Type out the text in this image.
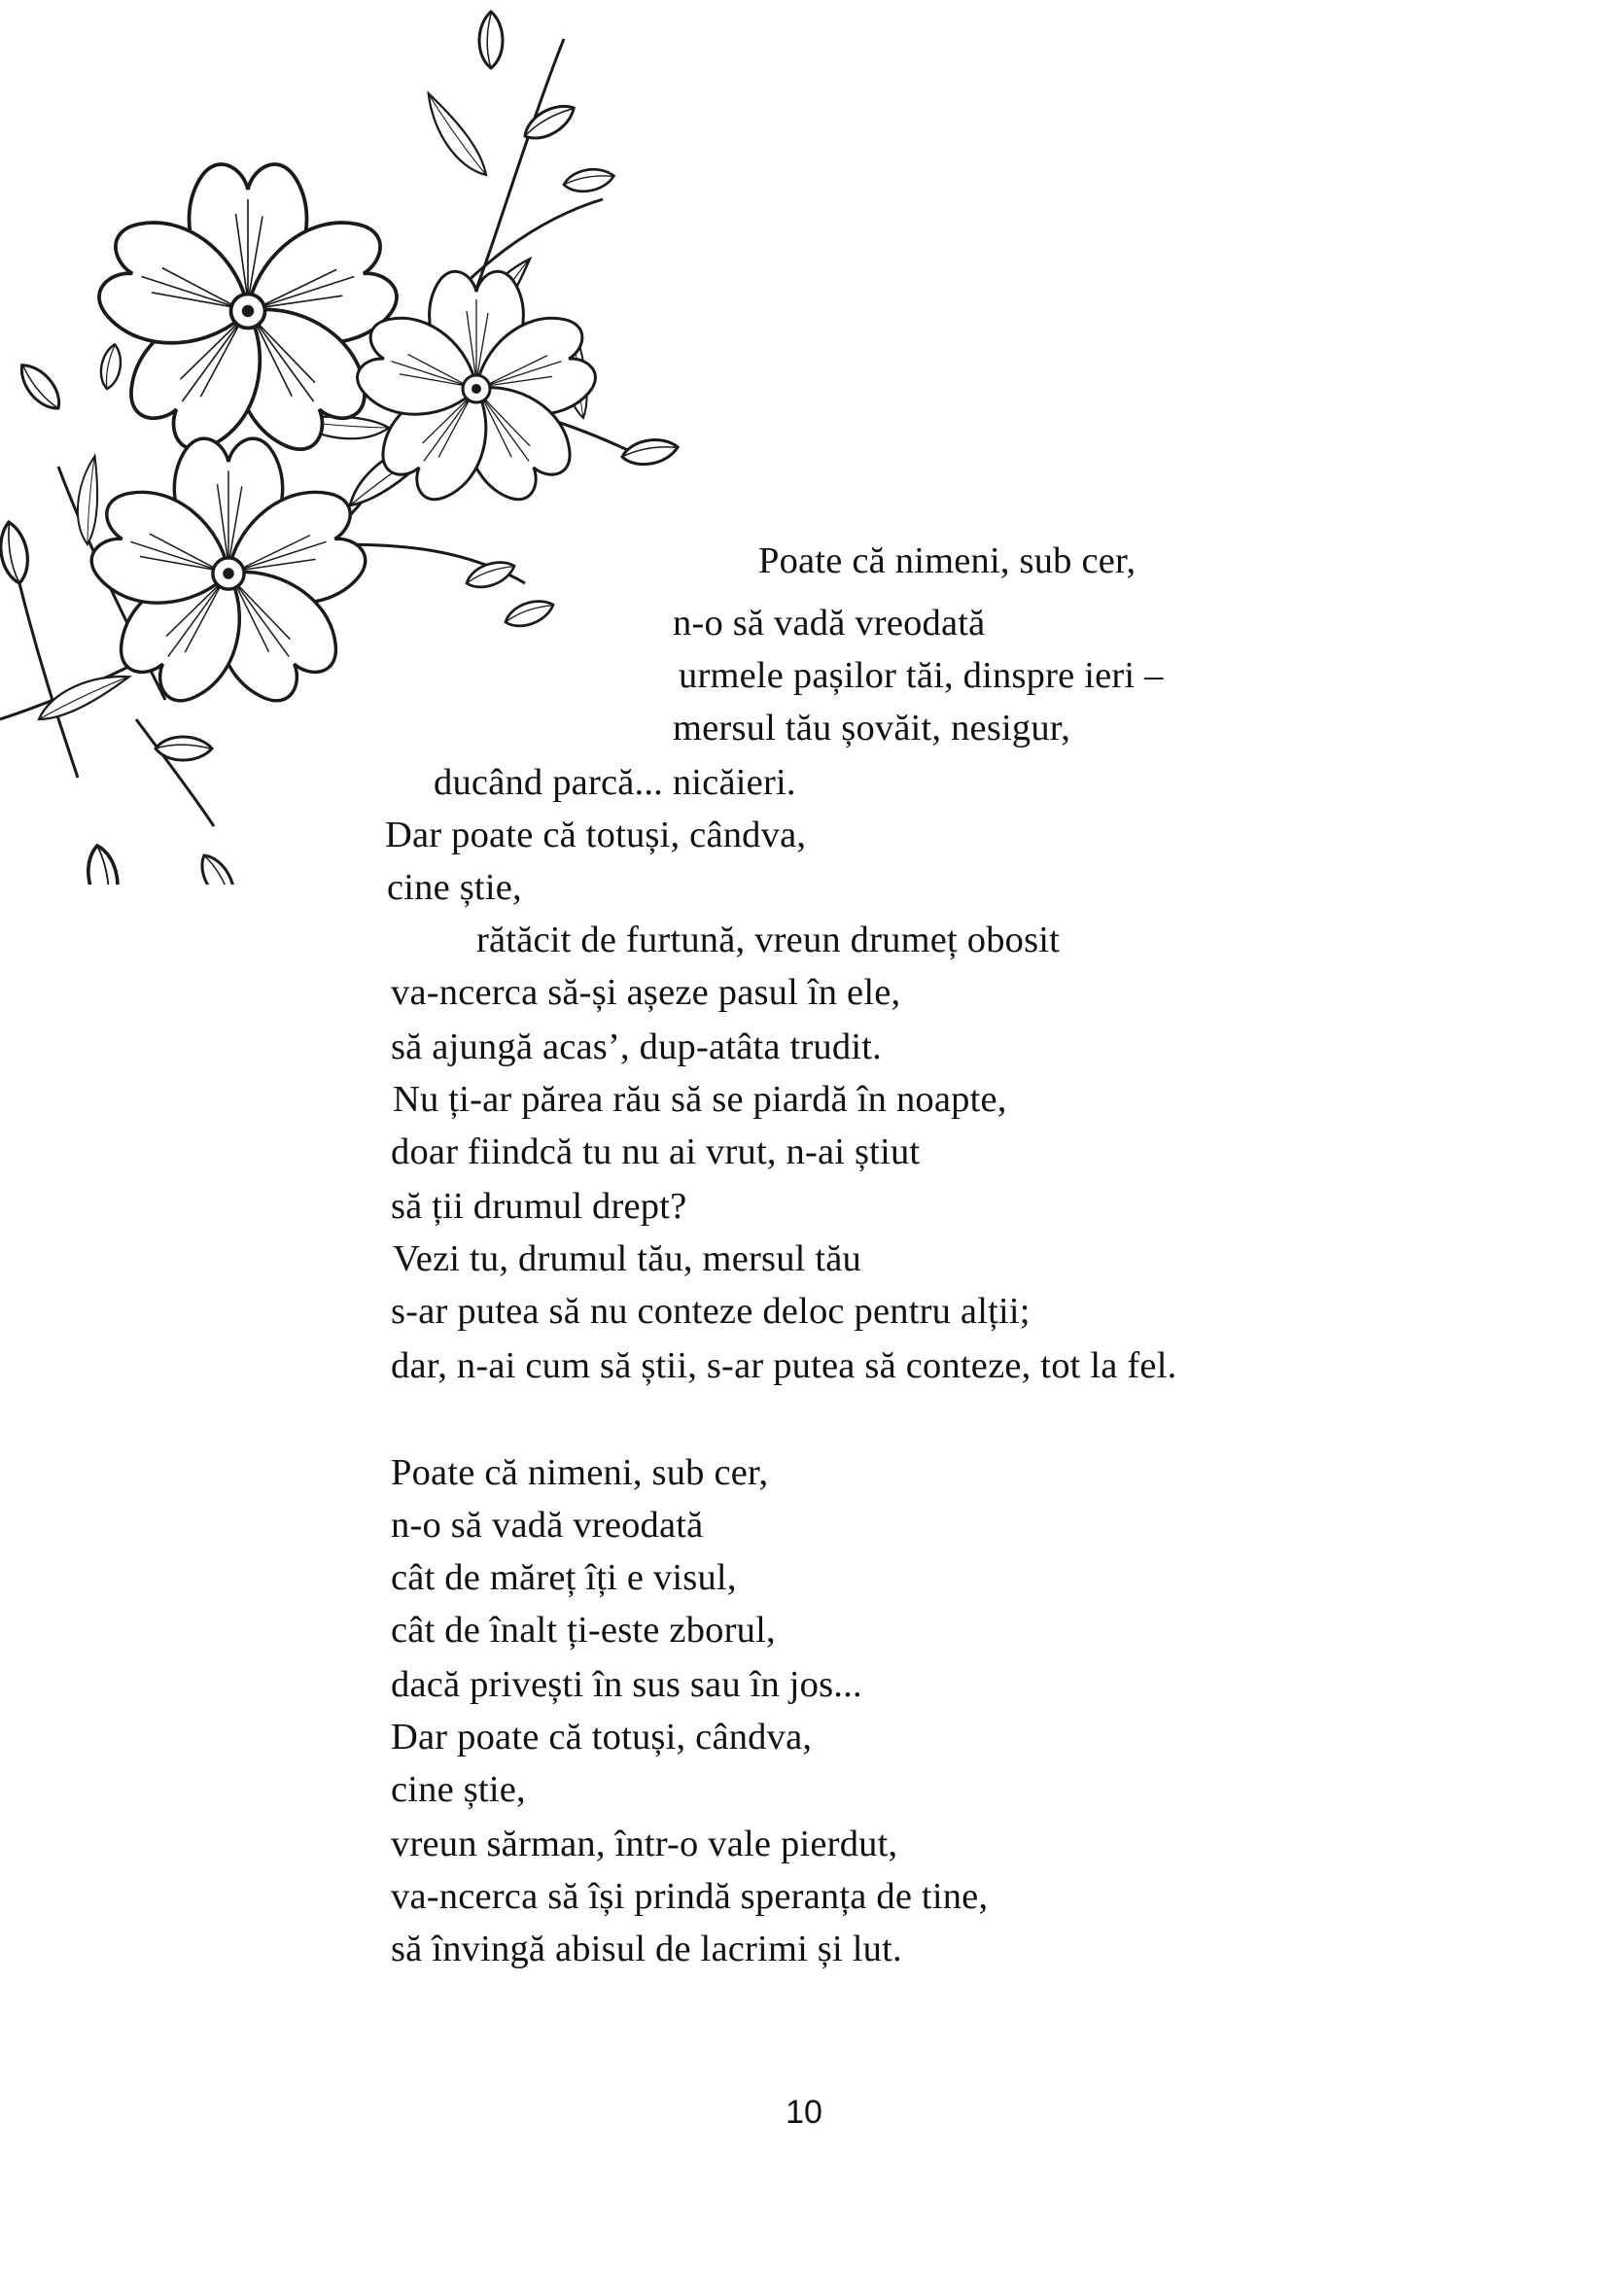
Poate că nimeni, sub cer,
n-o să vadă vreodată
urmele pașilor tăi, dinspre ieri –
mersul tău șovăit, nesigur,
ducând parcă... nicăieri.
Dar poate că totuși, cândva,
cine știe,
rătăcit de furtună, vreun drumeț obosit
va-ncerca să-și așeze pasul în ele,
să ajungă acas’, dup-atâta trudit.
Nu ți-ar părea rău să se piardă în noapte,
doar fiindcă tu nu ai vrut, n-ai știut
să ții drumul drept?
Vezi tu, drumul tău, mersul tău
s-ar putea să nu conteze deloc pentru alții;
dar, n-ai cum să știi, s-ar putea să conteze, tot la fel.
Poate că nimeni, sub cer,
n-o să vadă vreodată
cât de măreț îți e visul,
cât de înalt ți-este zborul,
dacă privești în sus sau în jos...
Dar poate că totuși, cândva,
cine știe,
vreun sărman, într-o vale pierdut,
va-ncerca să își prindă speranța de tine,
să învingă abisul de lacrimi și lut.
10
